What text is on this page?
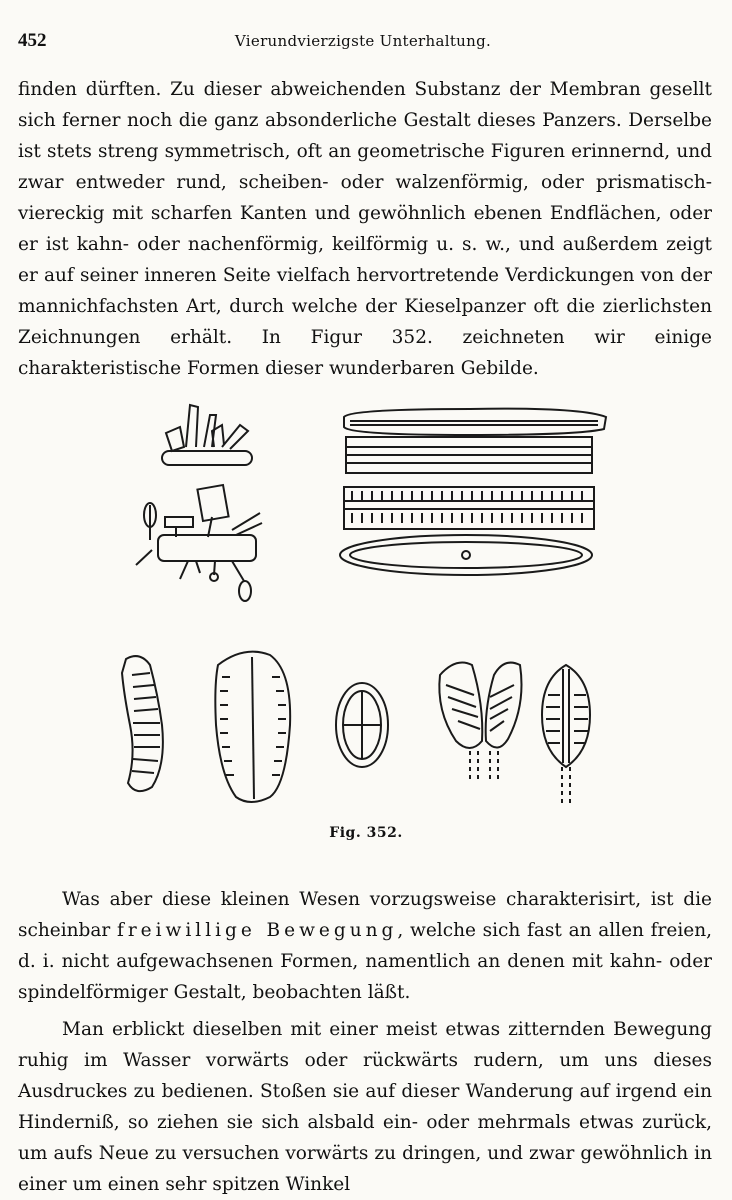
452	Vierundvierzigste Unterhaltung.

finden dürften. Zu dieser abweichenden Substanz der Membran gesellt sich ferner noch die ganz absonderliche Gestalt dieses Panzers. Derselbe ist stets streng symmetrisch, oft an geometrische Figuren erinnernd, und zwar entweder rund, scheiben- oder walzenförmig, oder prismatisch-viereckig mit scharfen Kanten und gewöhnlich ebenen Endflächen, oder er ist kahn- oder nachenförmig, keilförmig u. s. w., und außerdem zeigt er auf seiner inneren Seite vielfach hervortretende Verdickungen von der mannichfachsten Art, durch welche der Kieselpanzer oft die zierlichsten Zeichnungen erhält. In Figur 352. zeichneten wir einige charakteristische Formen dieser wunderbaren Gebilde.

Fig. 352.

Was aber diese kleinen Wesen vorzugsweise charakterisirt, ist die scheinbar freiwillige Bewegung, welche sich fast an allen freien, d. i. nicht aufgewachsenen Formen, namentlich an denen mit kahn- oder spindelförmiger Gestalt, beobachten läßt.

Man erblickt dieselben mit einer meist etwas zitternden Bewegung ruhig im Wasser vorwärts oder rückwärts rudern, um uns dieses Ausdruckes zu bedienen. Stoßen sie auf dieser Wanderung auf irgend ein Hinderniß, so ziehen sie sich alsbald ein- oder mehrmals etwas zurück, um aufs Neue zu versuchen vorwärts zu dringen, und zwar gewöhnlich in einer um einen sehr spitzen Winkel
